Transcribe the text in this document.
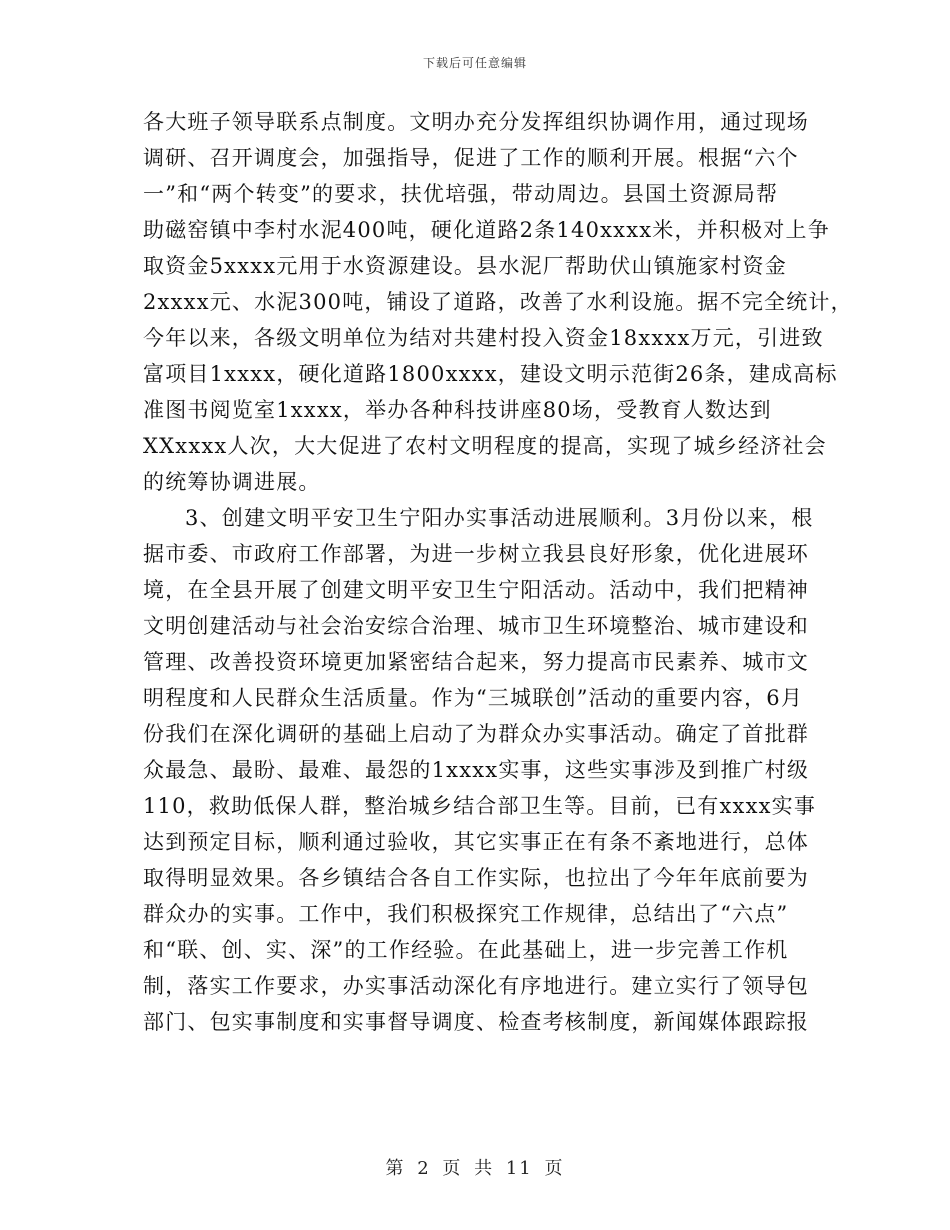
下载后可任意编辑
各大班子领导联系点制度。文明办充分发挥组织协调作用，通过现场
调研、召开调度会，加强指导，促进了工作的顺利开展。根据“六个
一”和“两个转变”的要求，扶优培强，带动周边。县国土资源局帮
助磁窑镇中李村水泥400吨，硬化道路2条140xxxx米，并积极对上争
取资金5xxxx元用于水资源建设。县水泥厂帮助伏山镇施家村资金
2xxxx元、水泥300吨，铺设了道路，改善了水利设施。据不完全统计，
今年以来，各级文明单位为结对共建村投入资金18xxxx万元，引进致
富项目1xxxx，硬化道路1800xxxx，建设文明示范街26条，建成高标
准图书阅览室1xxxx，举办各种科技讲座80场，受教育人数达到
XXxxxx人次，大大促进了农村文明程度的提高，实现了城乡经济社会
的统筹协调进展。
3、创建文明平安卫生宁阳办实事活动进展顺利。3月份以来，根
据市委、市政府工作部署，为进一步树立我县良好形象，优化进展环
境，在全县开展了创建文明平安卫生宁阳活动。活动中，我们把精神
文明创建活动与社会治安综合治理、城市卫生环境整治、城市建设和
管理、改善投资环境更加紧密结合起来，努力提高市民素养、城市文
明程度和人民群众生活质量。作为“三城联创”活动的重要内容，6月
份我们在深化调研的基础上启动了为群众办实事活动。确定了首批群
众最急、最盼、最难、最怨的1xxxx实事，这些实事涉及到推广村级
110，救助低保人群，整治城乡结合部卫生等。目前，已有xxxx实事
达到预定目标，顺利通过验收，其它实事正在有条不紊地进行，总体
取得明显效果。各乡镇结合各自工作实际，也拉出了今年年底前要为
群众办的实事。工作中，我们积极探究工作规律，总结出了“六点”
和“联、创、实、深”的工作经验。在此基础上，进一步完善工作机
制，落实工作要求，办实事活动深化有序地进行。建立实行了领导包
部门、包实事制度和实事督导调度、检查考核制度，新闻媒体跟踪报
第 2 页 共 11 页
